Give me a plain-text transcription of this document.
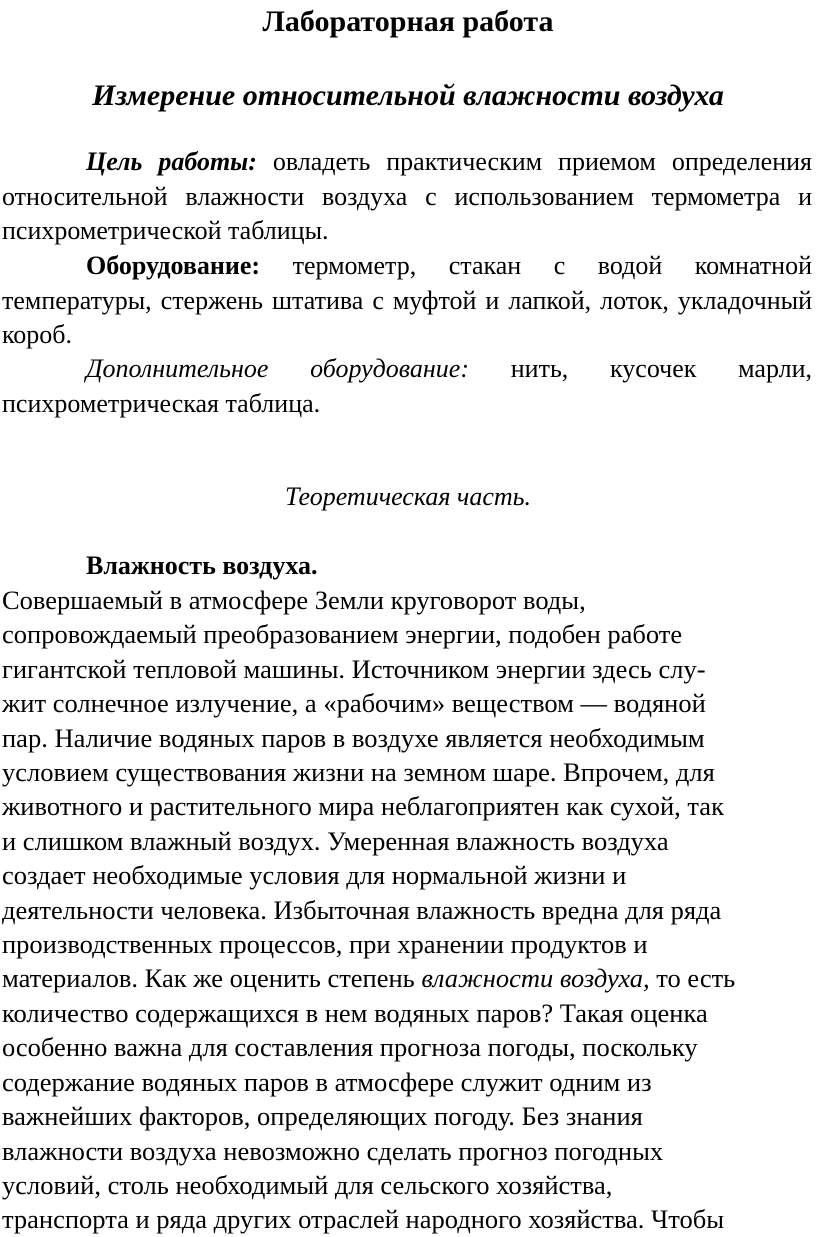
Лабораторная работа
Измерение относительной влажности воздуха

Цель работы: овладеть практическим приемом определения относительной влажности воздуха с использованием термометра и психрометрической таблицы.

Оборудование: термометр, стакан с водой комнатной температуры, стержень штатива с муфтой и лапкой, лоток, укладочный короб.

Дополнительное оборудование: нить, кусочек марли, психрометрическая таблица.

Теоретическая часть.

Влажность воздуха.
Совершаемый в атмосфере Земли круговорот воды,
сопровождаемый преобразованием энергии, подобен работе
гигантской тепловой машины. Источником энергии здесь слу-
жит солнечное излучение, а «рабочим» веществом — водяной
пар. Наличие водяных паров в воздухе является необходимым
условием существования жизни на земном шаре. Впрочем, для
животного и растительного мира неблагоприятен как сухой, так
и слишком влажный воздух. Умеренная влажность воздуха
создает необходимые условия для нормальной жизни и
деятельности человека. Избыточная влажность вредна для ряда
производственных процессов, при хранении продуктов и
материалов. Как же оценить степень влажности воздуха, то есть
количество содержащихся в нем водяных паров? Такая оценка
особенно важна для составления прогноза погоды, поскольку
содержание водяных паров в атмосфере служит одним из
важнейших факторов, определяющих погоду. Без знания
влажности воздуха невозможно сделать прогноз погодных
условий, столь необходимый для сельского хозяйства,
транспорта и ряда других отраслей народного хозяйства. Чтобы
